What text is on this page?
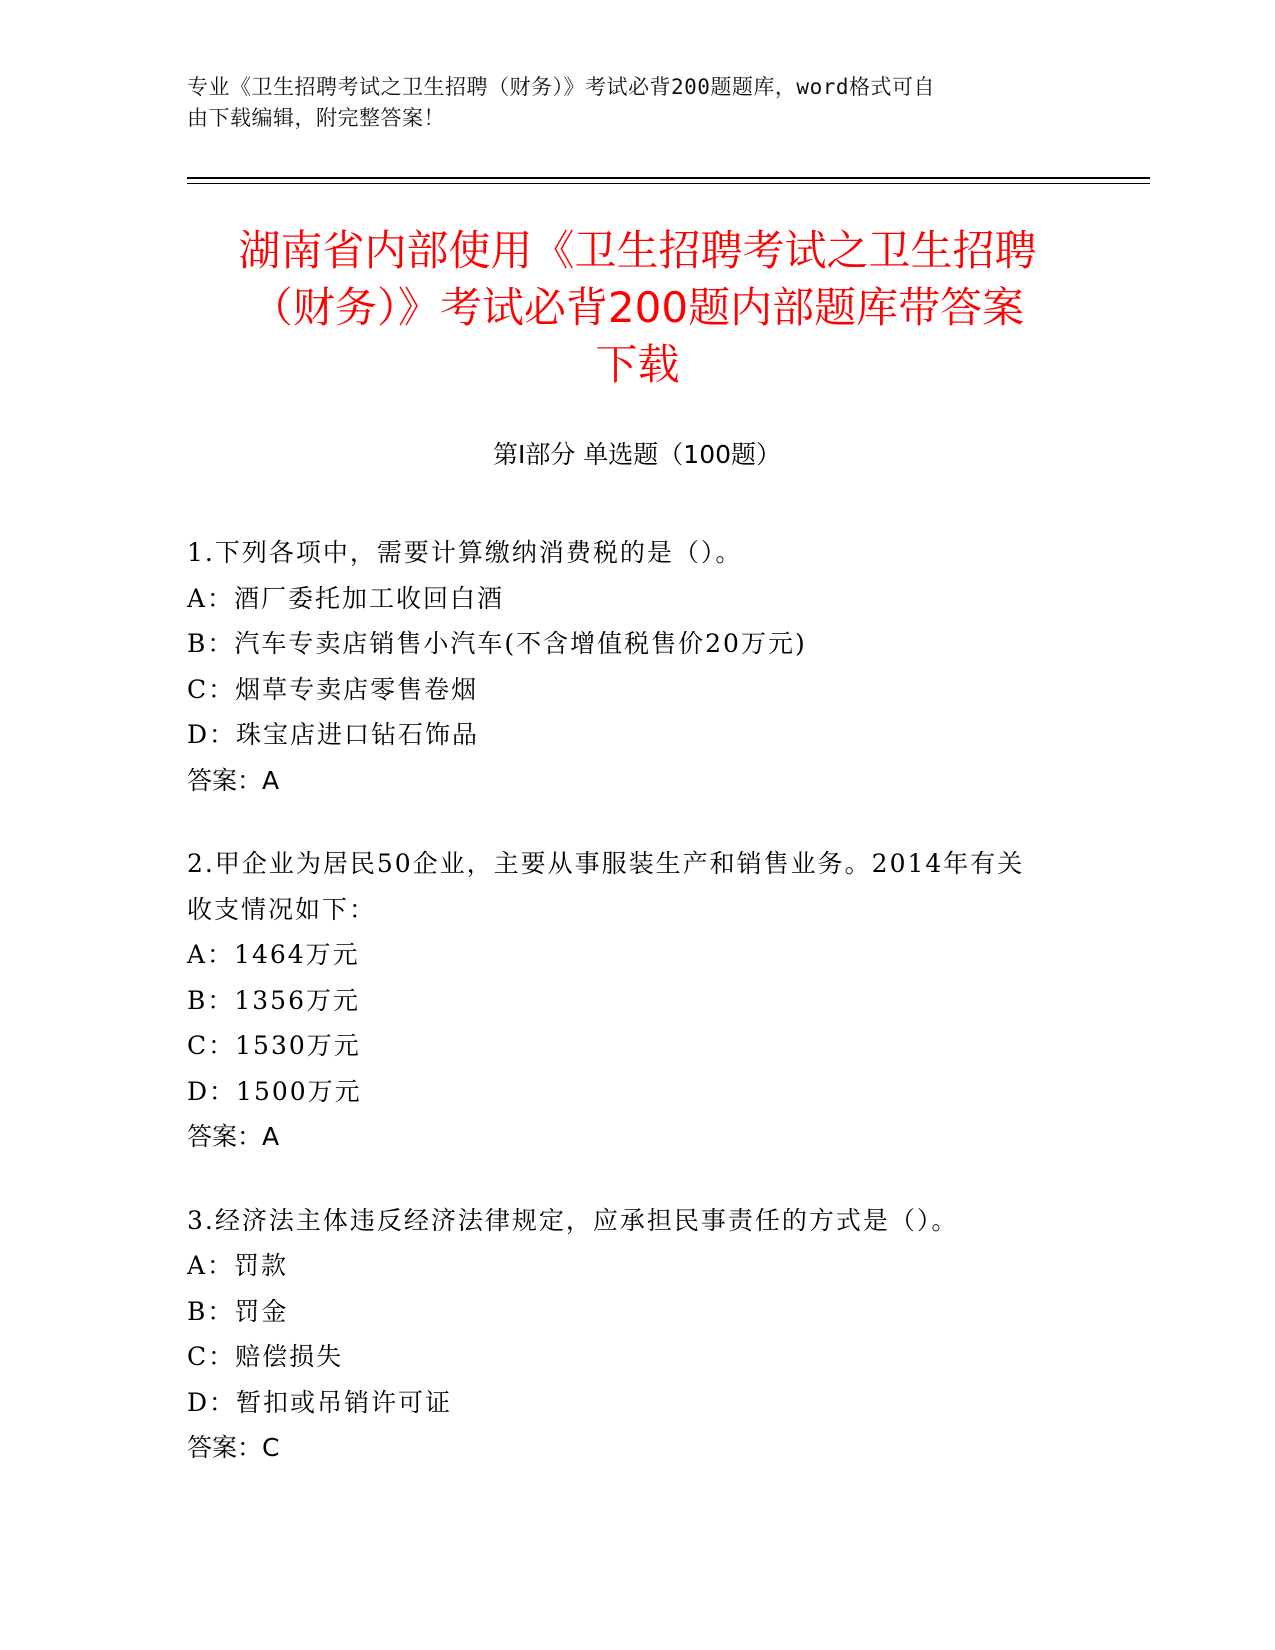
专业《卫生招聘考试之卫生招聘（财务）》考试必背200题题库，word格式可自
由下载编辑，附完整答案！
湖南省内部使用《卫生招聘考试之卫生招聘
（财务）》考试必背200题内部题库带答案
下载
第I部分 单选题（100题）

1.下列各项中，需要计算缴纳消费税的是（）。

A：酒厂委托加工收回白酒

B：汽车专卖店销售小汽车(不含增值税售价20万元)

C：烟草专卖店零售卷烟

D：珠宝店进口钻石饰品

答案：A

2.甲企业为居民50企业，主要从事服装生产和销售业务。2014年有关

收支情况如下：

A：1464万元

B：1356万元

C：1530万元

D：1500万元

答案：A

3.经济法主体违反经济法律规定，应承担民事责任的方式是（）。

A：罚款

B：罚金

C：赔偿损失

D：暂扣或吊销许可证

答案：C
